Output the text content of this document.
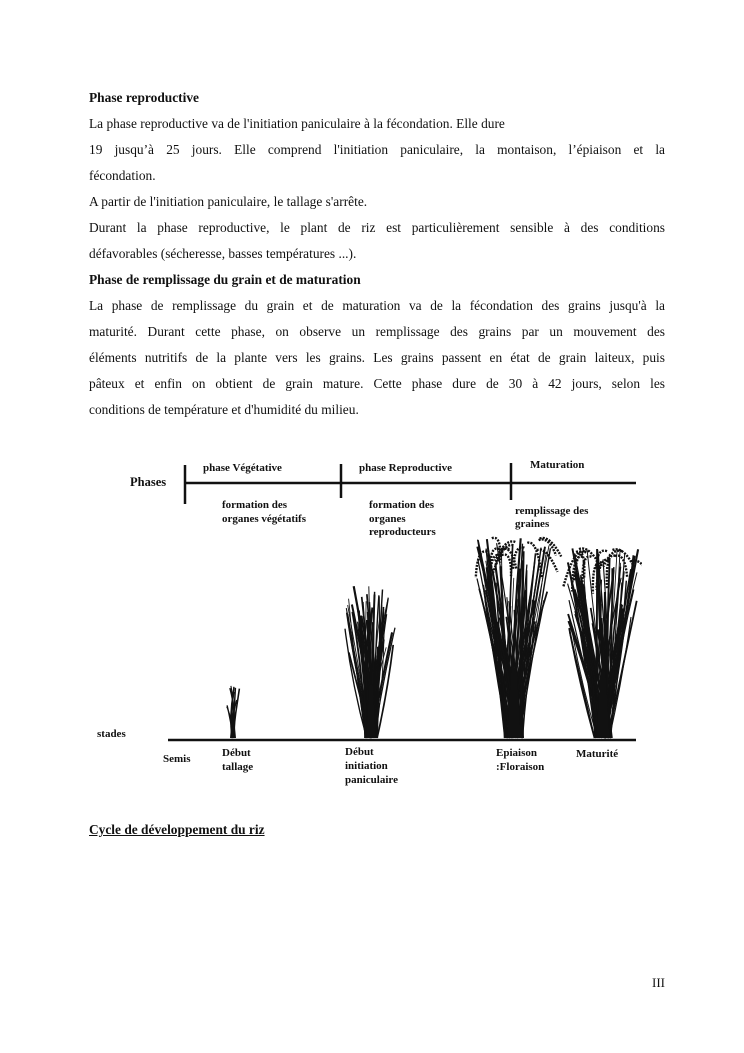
Phase reproductive
La phase reproductive va de l'initiation paniculaire à la fécondation. Elle dure
19 jusqu’à 25 jours. Elle comprend l'initiation paniculaire, la montaison, l’épiaison et la
fécondation.
A partir de l'initiation paniculaire, le tallage s'arrête.
Durant la phase reproductive, le plant de riz est particulièrement sensible à des conditions
défavorables (sécheresse, basses températures ...).
Phase de remplissage du grain et de maturation
La phase de remplissage du grain et de maturation va de la fécondation des grains jusqu'à la
maturité. Durant cette phase, on observe un remplissage des grains par un mouvement des
éléments nutritifs de la plante vers les grains. Les grains passent en état de grain laiteux, puis
pâteux et enfin on obtient de grain mature. Cette phase dure de 30 à 42 jours, selon les
conditions de température et d'humidité du milieu.
Phases
phase Végétative	phase Reproductive	Maturation
formation des
organes végétatifs
formation des
organes
reproducteurs
remplissage des
graines
stades
Semis	Début
tallage
Début
initiation
paniculaire
Epiaison
:Floraison
Maturité
Cycle de développement du riz
III
